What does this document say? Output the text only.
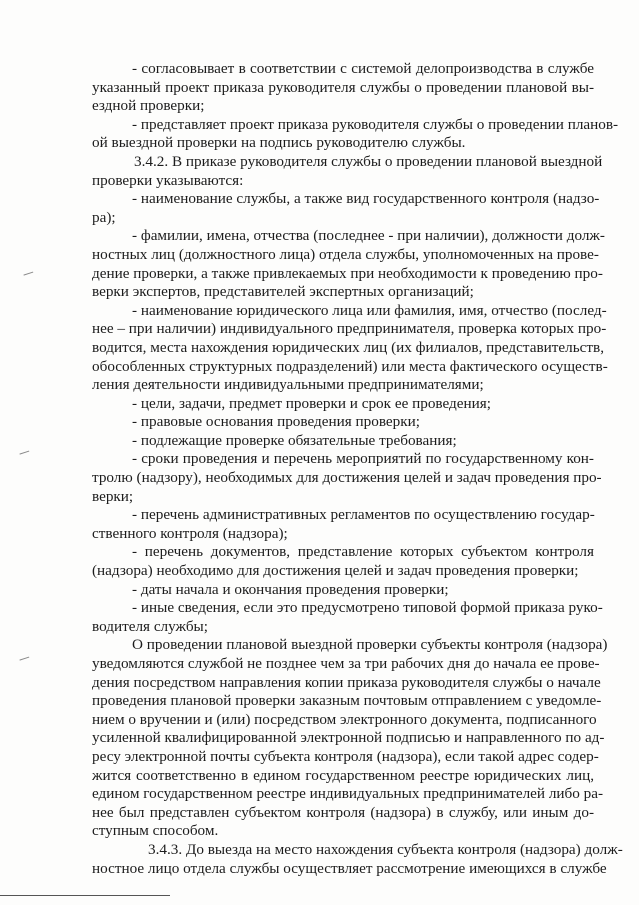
- согласовывает в соответствии с системой делопроизводства в службе
указанный проект приказа руководителя службы о проведении плановой вы-
ездной проверки;
- представляет проект приказа руководителя службы о проведении планов-
ой выездной проверки на подпись руководителю службы.
3.4.2. В приказе руководителя службы о проведении плановой выездной
проверки указываются:
- наименование службы, а также вид государственного контроля (надзо-
ра);
- фамилии, имена, отчества (последнее - при наличии), должности долж-
ностных лиц (должностного лица) отдела службы, уполномоченных на прове-
дение проверки, а также привлекаемых при необходимости к проведению про-
верки экспертов, представителей экспертных организаций;
- наименование юридического лица или фамилия, имя, отчество (послед-
нее – при наличии) индивидуального предпринимателя, проверка которых про-
водится, места нахождения юридических лиц (их филиалов, представительств,
обособленных структурных подразделений) или места фактического осуществ-
ления деятельности индивидуальными предпринимателями;
- цели, задачи, предмет проверки и срок ее проведения;
- правовые основания проведения проверки;
- подлежащие проверке обязательные требования;
- сроки проведения и перечень мероприятий по государственному кон-
тролю (надзору), необходимых для достижения целей и задач проведения про-
верки;
- перечень административных регламентов по осуществлению государ-
ственного контроля (надзора);
- перечень документов, представление которых субъектом контроля
(надзора) необходимо для достижения целей и задач проведения проверки;
- даты начала и окончания проведения проверки;
- иные сведения, если это предусмотрено типовой формой приказа руко-
водителя службы;
О проведении плановой выездной проверки субъекты контроля (надзора)
уведомляются службой не позднее чем за три рабочих дня до начала ее прове-
дения посредством направления копии приказа руководителя службы о начале
проведения плановой проверки заказным почтовым отправлением с уведомле-
нием о вручении и (или) посредством электронного документа, подписанного
усиленной квалифицированной электронной подписью и направленного по ад-
ресу электронной почты субъекта контроля (надзора), если такой адрес содер-
жится соответственно в едином государственном реестре юридических лиц,
едином государственном реестре индивидуальных предпринимателей либо ра-
нее был представлен субъектом контроля (надзора) в службу, или иным до-
ступным способом.
3.4.3. До выезда на место нахождения субъекта контроля (надзора) долж-
ностное лицо отдела службы осуществляет рассмотрение имеющихся в службе
